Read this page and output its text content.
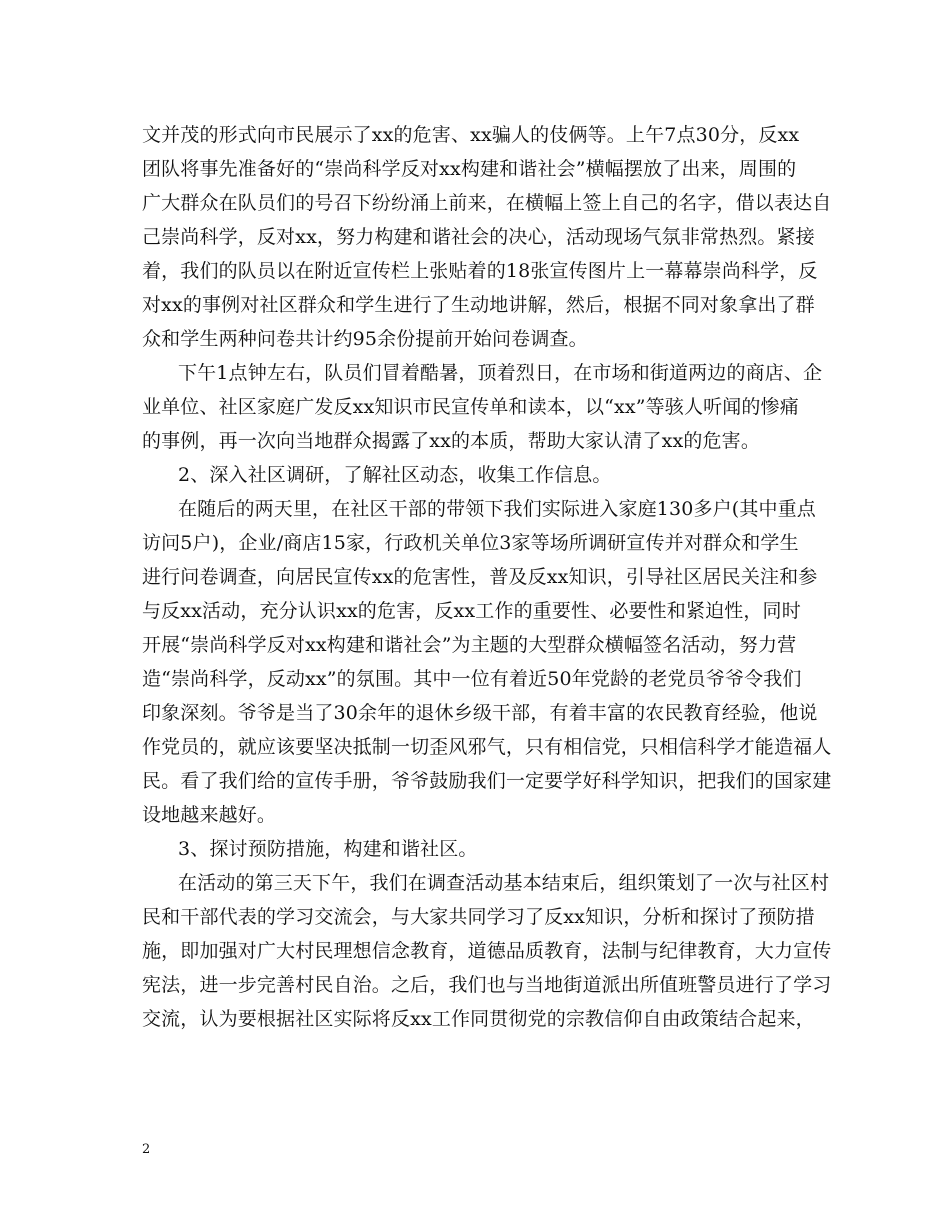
文并茂的形式向市民展示了xx的危害、xx骗人的伎俩等。上午7点30分，反xx
团队将事先准备好的“崇尚科学反对xx构建和谐社会”横幅摆放了出来，周围的
广大群众在队员们的号召下纷纷涌上前来，在横幅上签上自己的名字，借以表达自
己崇尚科学，反对xx，努力构建和谐社会的决心，活动现场气氛非常热烈。紧接
着，我们的队员以在附近宣传栏上张贴着的18张宣传图片上一幕幕崇尚科学，反
对xx的事例对社区群众和学生进行了生动地讲解，然后，根据不同对象拿出了群
众和学生两种问卷共计约95余份提前开始问卷调查。
下午1点钟左右，队员们冒着酷暑，顶着烈日，在市场和街道两边的商店、企
业单位、社区家庭广发反xx知识市民宣传单和读本，以“xx”等骇人听闻的惨痛
的事例，再一次向当地群众揭露了xx的本质，帮助大家认清了xx的危害。
2、深入社区调研，了解社区动态，收集工作信息。
在随后的两天里，在社区干部的带领下我们实际进入家庭130多户(其中重点
访问5户)，企业/商店15家，行政机关单位3家等场所调研宣传并对群众和学生
进行问卷调查，向居民宣传xx的危害性，普及反xx知识，引导社区居民关注和参
与反xx活动，充分认识xx的危害，反xx工作的重要性、必要性和紧迫性，同时
开展“崇尚科学反对xx构建和谐社会”为主题的大型群众横幅签名活动，努力营
造“崇尚科学，反动xx”的氛围。其中一位有着近50年党龄的老党员爷爷令我们
印象深刻。爷爷是当了30余年的退休乡级干部，有着丰富的农民教育经验，他说
作党员的，就应该要坚决抵制一切歪风邪气，只有相信党，只相信科学才能造福人
民。看了我们给的宣传手册，爷爷鼓励我们一定要学好科学知识，把我们的国家建
设地越来越好。
3、探讨预防措施，构建和谐社区。
在活动的第三天下午，我们在调查活动基本结束后，组织策划了一次与社区村
民和干部代表的学习交流会，与大家共同学习了反xx知识，分析和探讨了预防措
施，即加强对广大村民理想信念教育，道德品质教育，法制与纪律教育，大力宣传
宪法，进一步完善村民自治。之后，我们也与当地街道派出所值班警员进行了学习
交流，认为要根据社区实际将反xx工作同贯彻党的宗教信仰自由政策结合起来，
2
